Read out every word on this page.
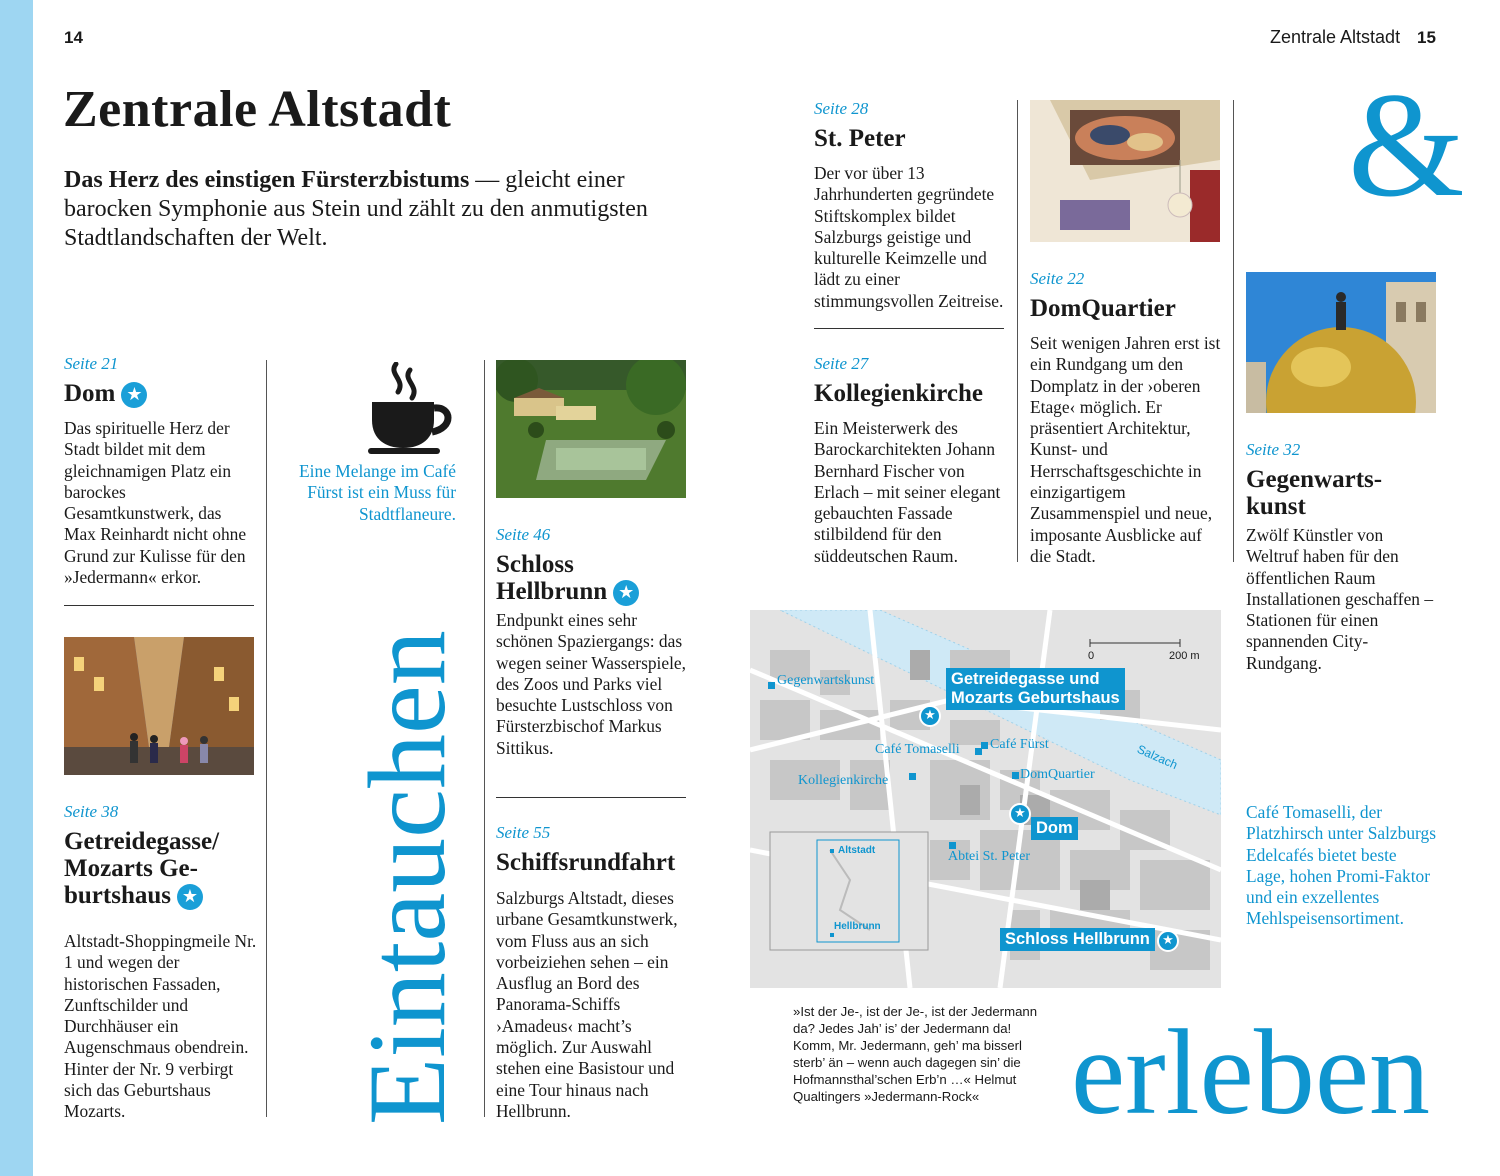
14	Zentrale Altstadt 15
Zentrale Altstadt
Das Herz des einstigen Fürsterzbistums — gleicht einer barocken Symphonie aus Stein und zählt zu den anmutigsten Stadtlandschaften der Welt.
Seite 21
Dom ★
Das spirituelle Herz der Stadt bildet mit dem gleichnamigen Platz ein barockes Gesamtkunstwerk, das Max Reinhardt nicht ohne Grund zur Kulisse für den »Jedermann« erkor.
Seite 38
Getreidegasse/
Mozarts Ge-
burtshaus ★
Altstadt-Shoppingmeile Nr. 1 und wegen der historischen Fassaden, Zunftschilder und Durchhäuser ein Augenschmaus obendrein. Hinter der Nr. 9 verbirgt sich das Geburtshaus Mozarts.
Eine Melange im Café Fürst ist ein Muss für Stadtflaneure.
Eintauchen
Seite 46
Schloss
Hellbrunn ★
Endpunkt eines sehr schönen Spaziergangs: das wegen seiner Wasserspiele, des Zoos und Parks viel besuchte Lustschloss von Fürsterzbischof Markus Sittikus.
Seite 55
Schiffsrundfahrt
Salzburgs Altstadt, dieses urbane Gesamtkunstwerk, vom Fluss aus an sich vorbeiziehen sehen – ein Ausflug an Bord des Panorama-Schiffs ›Amadeus‹ macht’s möglich. Zur Auswahl stehen eine Basistour und eine Tour hinaus nach Hellbrunn.
Seite 28
St. Peter
Der vor über 13 Jahrhunderten gegründete Stiftskomplex bildet Salzburgs geistige und kulturelle Keimzelle und lädt zu einer stimmungsvollen Zeitreise.
Seite 27
Kollegienkirche
Ein Meisterwerk des Barockarchitekten Johann Bernhard Fischer von Erlach – mit seiner elegant gebauchten Fassade stilbildend für den süddeutschen Raum.
Seite 22
DomQuartier
Seit wenigen Jahren erst ist ein Rundgang um den Domplatz in der ›oberen Etage‹ möglich. Er präsentiert Architektur, Kunst- und Herrschaftsgeschichte in einzigartigem Zusammenspiel und neue, imposante Ausblicke auf die Stadt.
&
Seite 32
Gegenwarts-
kunst
Zwölf Künstler von Weltruf haben für den öffentlichen Raum Installationen geschaffen – Stationen für einen spannenden City-Rundgang.
0	200 m
Gegenwartskunst	Getreidegasse und
Mozarts Geburtshaus
★
Café Tomaselli Café Fürst
DomQuartier
Kollegienkirche
Salzach
★
Dom
Abtei St. Peter
Altstadt
Hellbrunn
Schloss Hellbrunn ★
Café Tomaselli, der Platzhirsch unter Salzburgs Edelcafés bietet beste Lage, hohen Promi-Faktor und ein exzellentes Mehlspeisensortiment.
»Ist der Je-, ist der Je-, ist der Jedermann da? Jedes Jah’ is’ der Jedermann da! Komm, Mr. Jedermann, geh’ ma bisserl sterb’ än – wenn auch dagegen sin’ die Hofmannsthal’schen Erb’n …« Helmut Qualtingers »Jedermann-Rock« erleben
